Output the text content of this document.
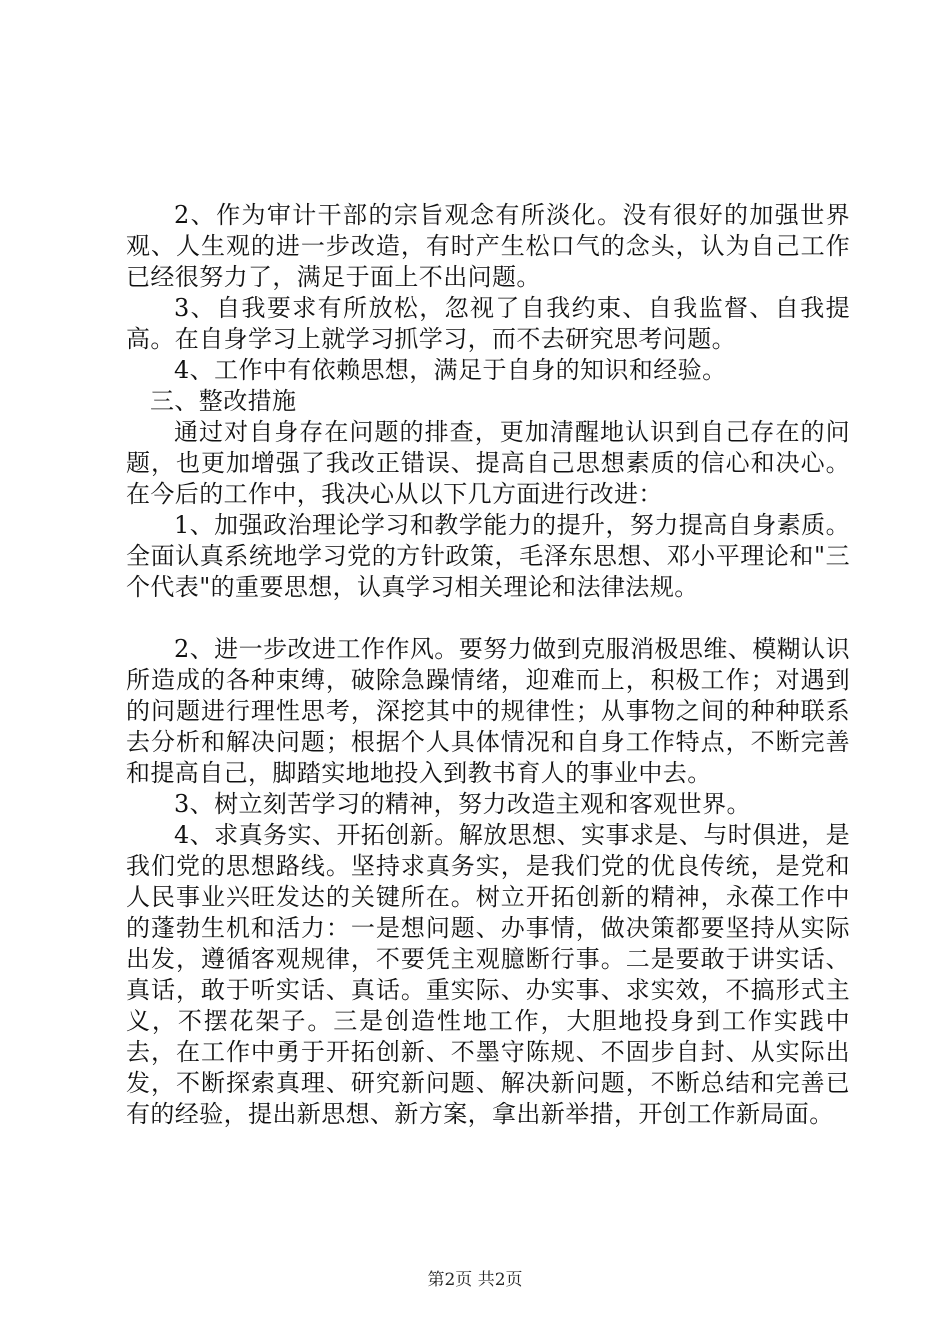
2、作为审计干部的宗旨观念有所淡化。没有很好的加强世界观、人生观的进一步改造，有时产生松口气的念头，认为自己工作已经很努力了，满足于面上不出问题。

3、自我要求有所放松，忽视了自我约束、自我监督、自我提高。在自身学习上就学习抓学习，而不去研究思考问题。

4、工作中有依赖思想，满足于自身的知识和经验。

三、整改措施

通过对自身存在问题的排查，更加清醒地认识到自己存在的问题，也更加增强了我改正错误、提高自己思想素质的信心和决心。在今后的工作中，我决心从以下几方面进行改进：

1、加强政治理论学习和教学能力的提升，努力提高自身素质。全面认真系统地学习党的方针政策，毛泽东思想、邓小平理论和"三个代表"的重要思想，认真学习相关理论和法律法规。

2、进一步改进工作作风。要努力做到克服消极思维、模糊认识所造成的各种束缚，破除急躁情绪，迎难而上，积极工作；对遇到的问题进行理性思考，深挖其中的规律性；从事物之间的种种联系去分析和解决问题；根据个人具体情况和自身工作特点，不断完善和提高自己，脚踏实地地投入到教书育人的事业中去。

3、树立刻苦学习的精神，努力改造主观和客观世界。

4、求真务实、开拓创新。解放思想、实事求是、与时俱进，是我们党的思想路线。坚持求真务实，是我们党的优良传统，是党和人民事业兴旺发达的关键所在。树立开拓创新的精神，永葆工作中的蓬勃生机和活力：一是想问题、办事情，做决策都要坚持从实际出发，遵循客观规律，不要凭主观臆断行事。二是要敢于讲实话、真话，敢于听实话、真话。重实际、办实事、求实效，不搞形式主义，不摆花架子。三是创造性地工作，大胆地投身到工作实践中去，在工作中勇于开拓创新、不墨守陈规、不固步自封、从实际出发，不断探索真理、研究新问题、解决新问题，不断总结和完善已有的经验，提出新思想、新方案，拿出新举措，开创工作新局面。

第2页 共2页
